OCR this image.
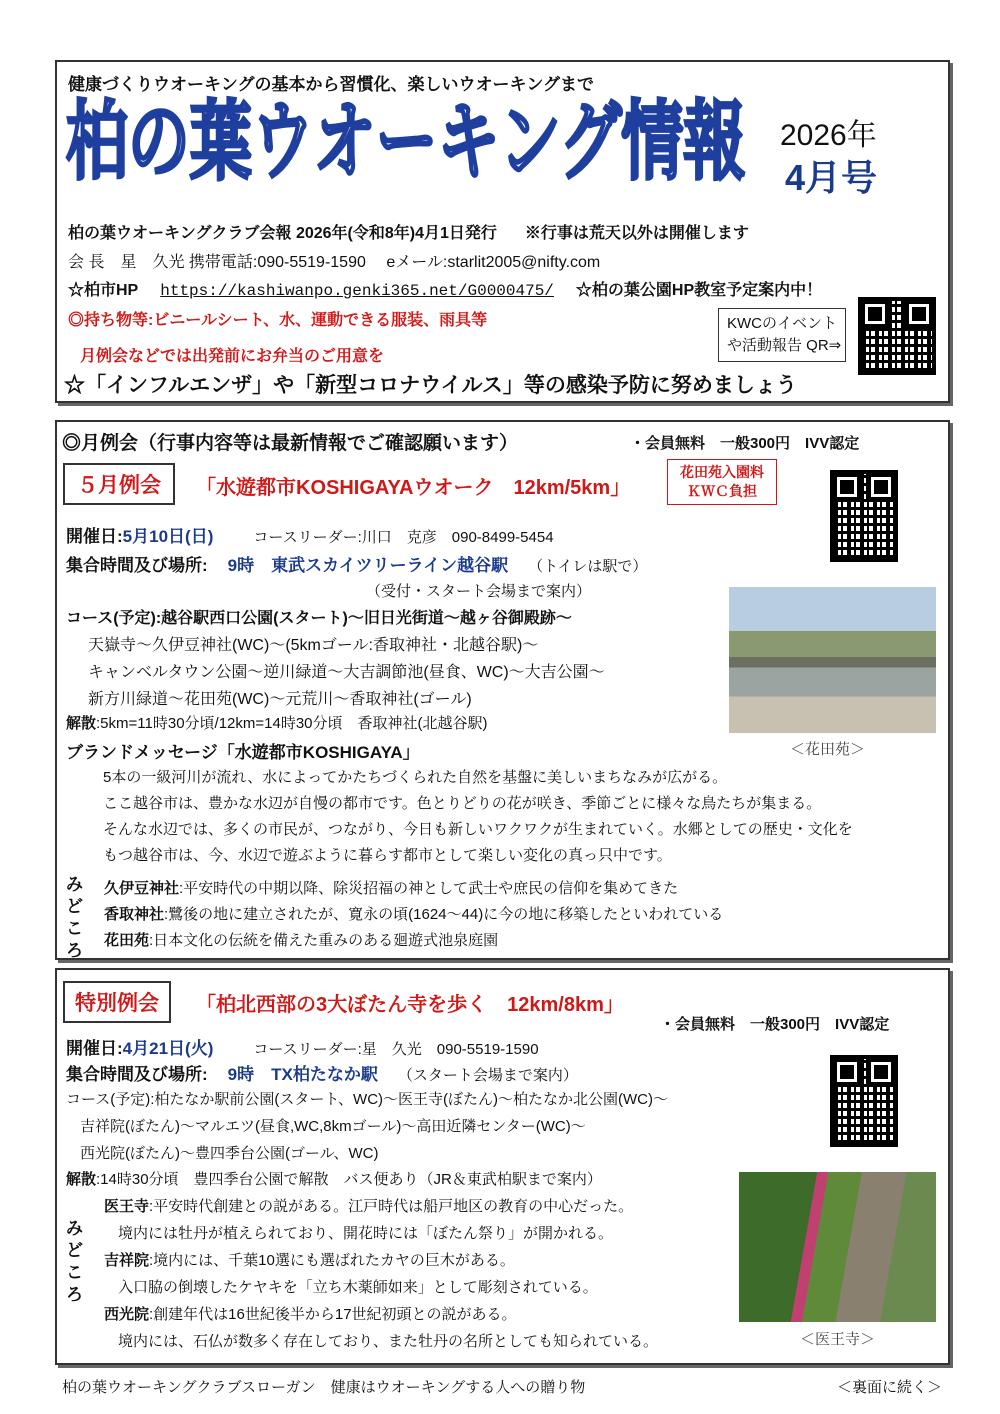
健康づくりウオーキングの基本から習慣化、楽しいウオーキングまで
柏の葉ウオーキング情報 2026年
4月号
柏の葉ウオーキングクラブ会報 2026年(令和8年)4月1日発行 ※行事は荒天以外は開催します
会 長　星　久光 携帯電話:090-5519-1590　 eメール:starlit2005@nifty.com
☆柏市HP https://kashiwanpo.genki365.net/G0000475/ ☆柏の葉公園HP教室予定案内中！
◎持ち物等:ビニールシート、水、運動できる服装、雨具等
月例会などでは出発前にお弁当のご用意を
KWCのイベント
や活動報告 QR⇒
☆「インフルエンザ」や「新型コロナウイルス」等の感染予防に努めましょう
◎月例会（行事内容等は最新情報でご確認願います）	・会員無料　一般300円　IVV認定
５月例会	「水遊都市KOSHIGAYAウオーク　12km/5km」
花田苑入園料
ＫＷＣ負担
開催日:5月10日(日)	コースリーダー:川口　克彦　090-8499-5454
集合時間及び場所: 9時　東武スカイツリーライン越谷駅 （トイレは駅で）
（受付・スタート会場まで案内）
コース(予定):越谷駅西口公園(スタート)～旧日光街道～越ヶ谷御殿跡～
天嶽寺～久伊豆神社(WC)～(5kmゴール:香取神社・北越谷駅)～
キャンベルタウン公園～逆川緑道～大吉調節池(昼食、WC)～大吉公園～
新方川緑道～花田苑(WC)～元荒川～香取神社(ゴール)
解散 :5km=11時30分頃/12km=14時30分頃　香取神社(北越谷駅)
＜花田苑＞
ブランドメッセージ「水遊都市KOSHIGAYA」
5本の一級河川が流れ、水によってかたちづくられた自然を基盤に美しいまちなみが広がる。
ここ越谷市は、豊かな水辺が自慢の都市です。色とりどりの花が咲き、季節ごとに様々な鳥たちが集まる。
そんな水辺では、多くの市民が、つながり、今日も新しいワクワクが生まれていく。水郷としての歴史・文化を
もつ越谷市は、今、水辺で遊ぶように暮らす都市として楽しい変化の真っ只中です。
みどころ
久伊豆神社:平安時代の中期以降、除災招福の神として武士や庶民の信仰を集めてきた
香取神社:鷺後の地に建立されたが、寛永の頃(1624～44)に今の地に移築したといわれている
花田苑:日本文化の伝統を備えた重みのある廻遊式池泉庭園
特別例会	「柏北西部の3大ぼたん寺を歩く　12km/8km」
・会員無料　一般300円　IVV認定
開催日:4月21日(火)	コースリーダー:星　久光　090-5519-1590
集合時間及び場所: 9時　TX柏たなか駅 （スタート会場まで案内）
コース(予定):柏たなか駅前公園(スタート、WC)～医王寺(ぼたん)～柏たなか北公園(WC)～
吉祥院(ぼたん)～マルエツ(昼食,WC,8kmゴール)～高田近隣センター(WC)～
西光院(ぼたん)～豊四季台公園(ゴール、WC)
解散 :14時30分頃　豊四季台公園で解散　バス便あり（JR＆東武柏駅まで案内）
みどころ
医王寺:平安時代創建との説がある。江戸時代は船戸地区の教育の中心だった。
境内には牡丹が植えられており、開花時には「ぼたん祭り」が開かれる。
吉祥院:境内には、千葉10選にも選ばれたカヤの巨木がある。
入口脇の倒壊したケヤキを「立ち木薬師如来」として彫刻されている。
西光院:創建年代は16世紀後半から17世紀初頭との説がある。
境内には、石仏が数多く存在しており、また牡丹の名所としても知られている。	＜医王寺＞
柏の葉ウオーキングクラブスローガン　健康はウオーキングする人への贈り物	＜裏面に続く＞
